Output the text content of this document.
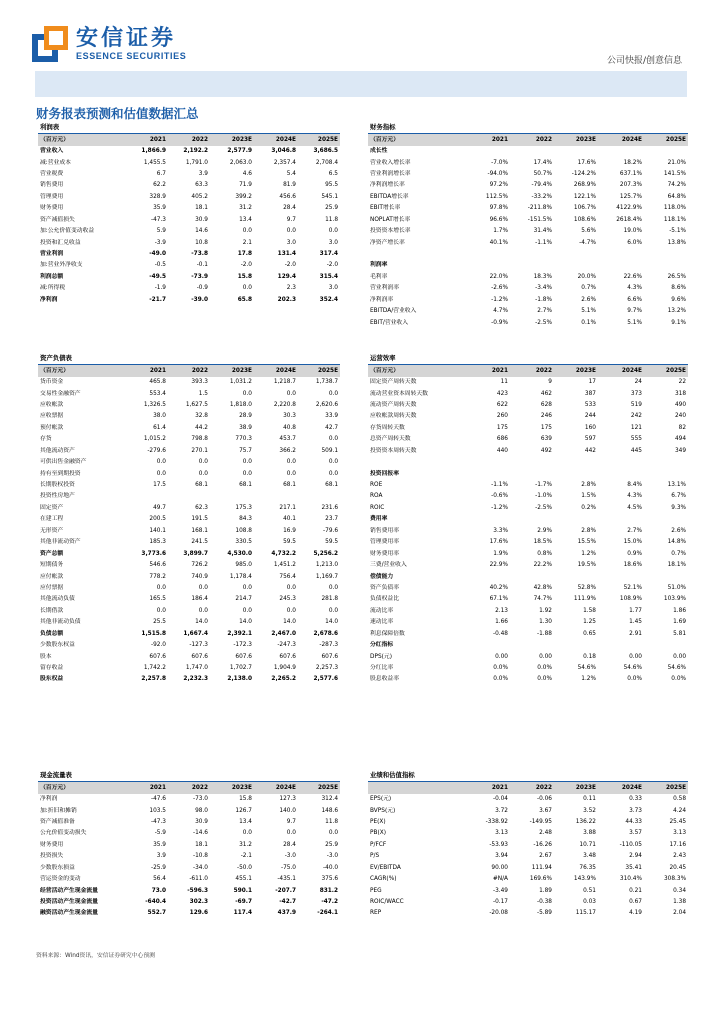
安信证券
ESSENCE SECURITIES
公司快报/创意信息
财务报表预测和估值数据汇总
利润表					
（百万元）	2021	2022	2023E	2024E	2025E
营业收入	1,866.9	2,192.2	2,577.9	3,046.8	3,686.5
减:营业成本	1,455.5	1,791.0	2,063.0	2,357.4	2,708.4
营业税费	6.7	3.9	4.6	5.4	6.5
销售费用	62.2	63.3	71.9	81.9	95.5
管理费用	328.9	405.2	399.2	456.6	545.1
财务费用	35.9	18.1	31.2	28.4	25.9
资产减值损失	-47.3	30.9	13.4	9.7	11.8
加:公允价值变动收益	5.9	14.6	0.0	0.0	0.0
投资和汇兑收益	-3.9	10.8	2.1	3.0	3.0
营业利润	-49.0	-73.8	17.8	131.4	317.4
加:营业外净收支	-0.5	-0.1	-2.0	-2.0	-2.0
利润总额	-49.5	-73.9	15.8	129.4	315.4
减:所得税	-1.9	-0.9	0.0	2.3	3.0
净利润	-21.7	-39.0	65.8	202.3	352.4
财务指标					
（百万元）	2021	2022	2023E	2024E	2025E
成长性					
营业收入增长率	-7.0%	17.4%	17.6%	18.2%	21.0%
营业利润增长率	-94.0%	50.7%	-124.2%	637.1%	141.5%
净利润增长率	97.2%	-79.4%	268.9%	207.3%	74.2%
EBITDA增长率	112.5%	-33.2%	122.1%	125.7%	64.8%
EBIT增长率	97.8%	-211.8%	106.7%	4122.9%	118.0%
NOPLAT增长率	96.6%	-151.5%	108.6%	2618.4%	118.1%
投资资本增长率	1.7%	31.4%	5.6%	19.0%	-5.1%
净资产增长率	40.1%	-1.1%	-4.7%	6.0%	13.8%

利润率					
毛利率	22.0%	18.3%	20.0%	22.6%	26.5%
营业利润率	-2.6%	-3.4%	0.7%	4.3%	8.6%
净利润率	-1.2%	-1.8%	2.6%	6.6%	9.6%
EBITDA/营业收入	4.7%	2.7%	5.1%	9.7%	13.2%
EBIT/营业收入	-0.9%	-2.5%	0.1%	5.1%	9.1%
资产负债表					
（百万元）	2021	2022	2023E	2024E	2025E
货币资金	465.8	393.3	1,031.2	1,218.7	1,738.7
交易性金融资产	553.4	1.5	0.0	0.0	0.0
应收帐款	1,326.5	1,627.5	1,818.0	2,220.8	2,620.6
应收票据	38.0	32.8	28.9	30.3	33.9
预付帐款	61.4	44.2	38.9	40.8	42.7
存货	1,015.2	798.8	770.3	453.7	0.0
其他流动资产	-279.6	270.1	75.7	366.2	509.1
可供出售金融资产	0.0	0.0	0.0	0.0	0.0
持有至到期投资	0.0	0.0	0.0	0.0	0.0
长期股权投资	17.5	68.1	68.1	68.1	68.1
投资性房地产					
固定资产	49.7	62.3	175.3	217.1	231.6
在建工程	200.5	191.5	84.3	40.1	23.7
无形资产	140.1	168.1	108.8	16.9	-79.6
其他非流动资产	185.3	241.5	330.5	59.5	59.5
资产总额	3,773.6	3,899.7	4,530.0	4,732.2	5,256.2
短期债务	546.6	726.2	985.0	1,451.2	1,213.0
应付帐款	778.2	740.9	1,178.4	756.4	1,169.7
应付票据	0.0	0.0	0.0	0.0	0.0
其他流动负债	165.5	186.4	214.7	245.3	281.8
长期借款	0.0	0.0	0.0	0.0	0.0
其他非流动负债	25.5	14.0	14.0	14.0	14.0
负债总额	1,515.8	1,667.4	2,392.1	2,467.0	2,678.6
少数股东权益	-92.0	-127.3	-172.3	-247.3	-287.3
股本	607.6	607.6	607.6	607.6	607.6
留存收益	1,742.2	1,747.0	1,702.7	1,904.9	2,257.3
股东权益	2,257.8	2,232.3	2,138.0	2,265.2	2,577.6
运营效率					
（百万元）	2021	2022	2023E	2024E	2025E
固定资产周转天数	11	9	17	24	22
流动营业资本周转天数	423	462	387	373	318
流动资产周转天数	622	628	533	519	490
应收帐款周转天数	260	246	244	242	240
存货周转天数	175	175	160	121	82
总资产周转天数	686	639	597	555	494
投资资本周转天数	440	492	442	445	349

投资回报率					
ROE	-1.1%	-1.7%	2.8%	8.4%	13.1%
ROA	-0.6%	-1.0%	1.5%	4.3%	6.7%
ROIC	-1.2%	-2.5%	0.2%	4.5%	9.3%
费用率					
销售费用率	3.3%	2.9%	2.8%	2.7%	2.6%
管理费用率	17.6%	18.5%	15.5%	15.0%	14.8%
财务费用率	1.9%	0.8%	1.2%	0.9%	0.7%
三费/营业收入	22.9%	22.2%	19.5%	18.6%	18.1%
偿债能力					
资产负债率	40.2%	42.8%	52.8%	52.1%	51.0%
负债权益比	67.1%	74.7%	111.9%	108.9%	103.9%
流动比率	2.13	1.92	1.58	1.77	1.86
速动比率	1.66	1.30	1.25	1.45	1.69
利息保障倍数	-0.48	-1.88	0.65	2.91	5.81
分红指标					
DPS(元)	0.00	0.00	0.18	0.00	0.00
分红比率	0.0%	0.0%	54.6%	54.6%	54.6%
股息收益率	0.0%	0.0%	1.2%	0.0%	0.0%
现金流量表					
（百万元）	2021	2022	2023E	2024E	2025E
净利润	-47.6	-73.0	15.8	127.3	312.4
加:折旧和摊销	103.5	98.0	126.7	140.0	148.6
资产减值准备	-47.3	30.9	13.4	9.7	11.8
公允价值变动损失	-5.9	-14.6	0.0	0.0	0.0
财务费用	35.9	18.1	31.2	28.4	25.9
投资损失	3.9	-10.8	-2.1	-3.0	-3.0
少数股东损益	-25.9	-34.0	-50.0	-75.0	-40.0
营运资金的变动	56.4	-611.0	455.1	-435.1	375.6
经营活动产生现金流量	73.0	-596.3	590.1	-207.7	831.2
投资活动产生现金流量	-640.4	302.3	-69.7	-42.7	-47.2
融资活动产生现金流量	552.7	129.6	117.4	437.9	-264.1
业绩和估值指标					
	2021	2022	2023E	2024E	2025E
EPS(元)	-0.04	-0.06	0.11	0.33	0.58
BVPS(元)	3.72	3.67	3.52	3.73	4.24
PE(X)	-338.92	-149.95	136.22	44.33	25.45
PB(X)	3.13	2.48	3.88	3.57	3.13
P/FCF	-53.93	-16.26	10.71	-110.05	17.16
P/S	3.94	2.67	3.48	2.94	2.43
EV/EBITDA	90.00	111.94	76.35	35.41	20.45
CAGR(%)	#N/A	169.6%	143.9%	310.4%	308.3%
PEG	-3.49	1.89	0.51	0.21	0.34
ROIC/WACC	-0.17	-0.38	0.03	0.67	1.38
REP	-20.08	-5.89	115.17	4.19	2.04
资料来源：Wind资讯，安信证券研究中心预测
